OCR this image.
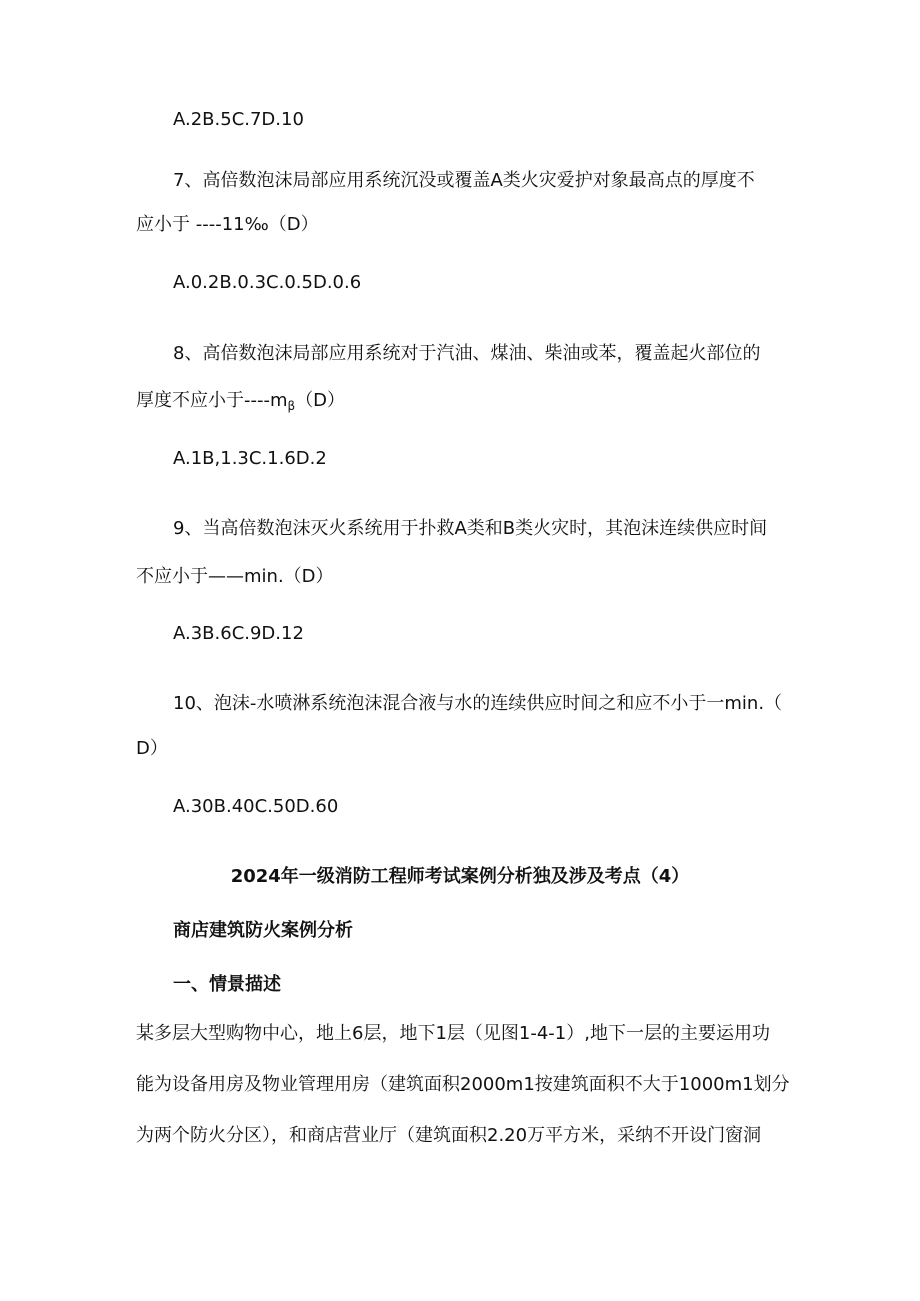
A.2B.5C.7D.10
7、高倍数泡沫局部应用系统沉没或覆盖A类火灾爱护对象最高点的厚度不
应小于 ----11‰（D）
A.0.2B.0.3C.0.5D.0.6
8、高倍数泡沫局部应用系统对于汽油、煤油、柴油或苯，覆盖起火部位的
厚度不应小于$----m_\beta(D)$
A.1B,1.3C.1.6D.2
9、当高倍数泡沫灭火系统用于扑救A类和B类火灾时，其泡沫连续供应时间
不应小于——min.（D）
A.3B.6C.9D.12
10、泡沫-水喷淋系统泡沫混合液与水的连续供应时间之和应不小于一min.（
D）
A.30B.40C.50D.60
2024年一级消防工程师考试案例分析独及涉及考点（4）
商店建筑防火案例分析
一、情景描述
某多层大型购物中心，地上6层，地下1层（见图1-4-1）,地下一层的主要运用功
能为设备用房及物业管理用房（建筑面积2000m1按建筑面积不大于1000m1划分
为两个防火分区），和商店营业厅（建筑面积2.20万平方米，采纳不开设门窗洞
